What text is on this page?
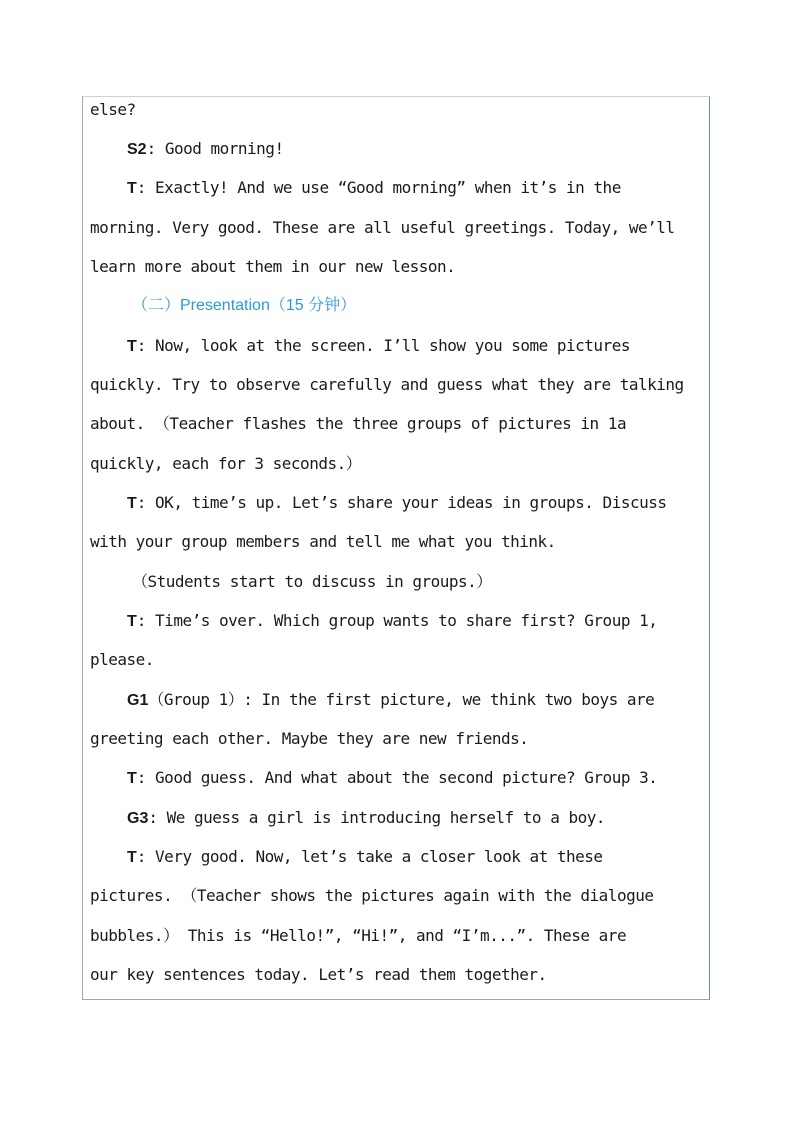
else?
S2: Good morning!
T: Exactly! And we use “Good morning” when it’s in the
morning. Very good. These are all useful greetings. Today, we’ll
learn more about them in our new lesson.
（二）Presentation（15 分钟）
T: Now, look at the screen. I’ll show you some pictures
quickly. Try to observe carefully and guess what they are talking
about. （Teacher flashes the three groups of pictures in 1a
quickly, each for 3 seconds.）
T: OK, time’s up. Let’s share your ideas in groups. Discuss
with your group members and tell me what you think.
（Students start to discuss in groups.）
T: Time’s over. Which group wants to share first? Group 1,
please.
G1（Group 1）: In the first picture, we think two boys are
greeting each other. Maybe they are new friends.
T: Good guess. And what about the second picture? Group 3.
G3: We guess a girl is introducing herself to a boy.
T: Very good. Now, let’s take a closer look at these
pictures. （Teacher shows the pictures again with the dialogue
bubbles.） This is “Hello!”, “Hi!”, and “I’m...”. These are
our key sentences today. Let’s read them together.
